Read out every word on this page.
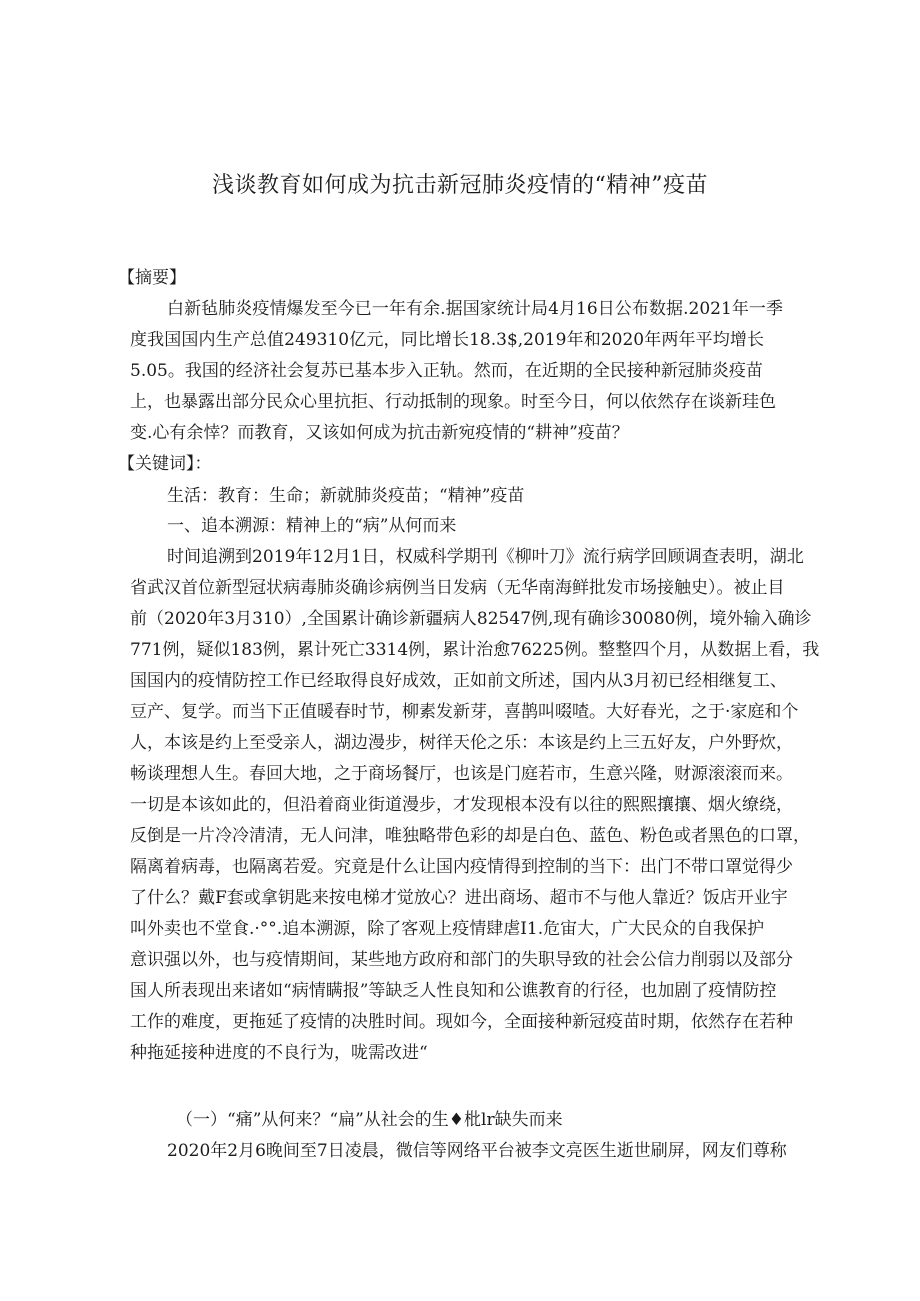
浅谈教育如何成为抗击新冠肺炎疫情的“精神”疫苗
【摘要】
白新毡肺炎疫情爆发至今已一年有余.据国家统计局4月16日公布数据.2021年一季
度我国国内生产总值249310亿元，同比增长18.3$,2019年和2020年两年平均增长
5.05。我国的经济社会复苏已基本步入正轨。然而，在近期的全民接种新冠肺炎疫苗
上，也暴露出部分民众心里抗拒、行动抵制的现象。时至今日，何以依然存在谈新珪色
变.心有余悻？而教育，又该如何成为抗击新宛疫情的“耕神”疫苗？
【关键词】：
生活：教育：生命；新就肺炎疫苗；“精神”疫苗
一、追本溯源：精神上的“病”从何而来
时间追溯到2019年12月1日，权威科学期刊《柳叶刀》流行病学回顾调查表明，湖北
省武汉首位新型冠状病毒肺炎确诊病例当日发病（无华南海鲜批发市场接触史）。被止目
前（2020年3月310）,全国累计确诊新疆病人82547例,现有确诊30080例，境外输入确诊
771例，疑似183例，累计死亡3314例，累计治愈76225例。整整四个月，从数据上看，我
国国内的疫情防控工作已经取得良好成效，正如前文所述，国内从3月初已经相继复工、
豆产、复学。而当下正值暖春时节，柳素发新芽，喜鹊叫啜喳。大好春光，之于·家庭和个
人，本该是约上至受亲人，湖边漫步，树徉天伦之乐：本该是约上三五好友，户外野炊，
畅谈理想人生。春回大地，之于商场餐厅，也该是门庭若市，生意兴隆，财源滚滚而来。
一切是本该如此的，但沿着商业街道漫步，才发现根本没有以往的熙熙攘攘、烟火缭绕，
反倒是一片冷冷清清，无人问津，唯独略带色彩的却是白色、蓝色、粉色或者黑色的口罩，
隔离着病毒，也隔离若爱。究竟是什么让国内疫情得到控制的当下：出门不带口罩觉得少
了什么？戴F套或拿钥匙来按电梯才觉放心？进出商场、超市不与他人靠近？饭店开业宇
叫外卖也不堂食.·°°.追本溯源，除了客观上疫情肆虐I1.危宙大，广大民众的自我保护
意识强以外，也与疫情期间，某些地方政府和部门的失职导致的社会公信力削弱以及部分
国人所表现出来诸如“病情瞒报”等缺乏人性良知和公谯教育的行径，也加剧了疫情防控
工作的难度，更拖延了疫情的决胜时间。现如今，全面接种新冠疫苗时期，依然存在若种
种拖延接种进度的不良行为，咙需改进“
（一）“痛”从何来？“扁”从社会的生♦枇lr缺失而来
2020年2月6晚间至7日凌晨，微信等网络平台被李文亮医生逝世刷屏，网友们尊称
